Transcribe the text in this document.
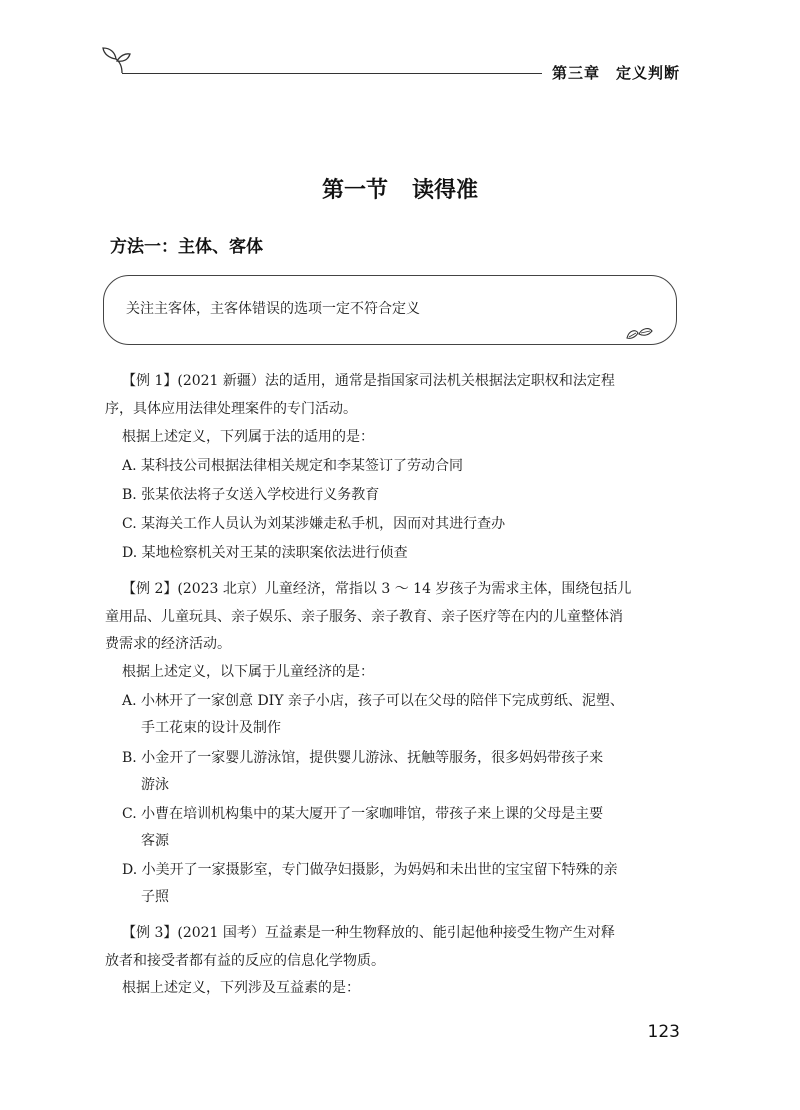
第三章 定义判断
第一节 读得准
方法一：主体、客体
关注主客体，主客体错误的选项一定不符合定义
【例 1】(2021 新疆）法的适用，通常是指国家司法机关根据法定职权和法定程
序，具体应用法律处理案件的专门活动。
根据上述定义，下列属于法的适用的是：
A. 某科技公司根据法律相关规定和李某签订了劳动合同
B. 张某依法将子女送入学校进行义务教育
C. 某海关工作人员认为刘某涉嫌走私手机，因而对其进行查办
D. 某地检察机关对王某的渎职案依法进行侦查
【例 2】(2023 北京）儿童经济，常指以 3 ～ 14 岁孩子为需求主体，围绕包括儿
童用品、儿童玩具、亲子娱乐、亲子服务、亲子教育、亲子医疗等在内的儿童整体消
费需求的经济活动。
根据上述定义，以下属于儿童经济的是：
A. 小林开了一家创意 DIY 亲子小店，孩子可以在父母的陪伴下完成剪纸、泥塑、
手工花束的设计及制作
B. 小金开了一家婴儿游泳馆，提供婴儿游泳、抚触等服务，很多妈妈带孩子来
游泳
C. 小曹在培训机构集中的某大厦开了一家咖啡馆，带孩子来上课的父母是主要
客源
D. 小美开了一家摄影室，专门做孕妇摄影，为妈妈和未出世的宝宝留下特殊的亲
子照
【例 3】(2021 国考）互益素是一种生物释放的、能引起他种接受生物产生对释
放者和接受者都有益的反应的信息化学物质。
根据上述定义，下列涉及互益素的是：
123
